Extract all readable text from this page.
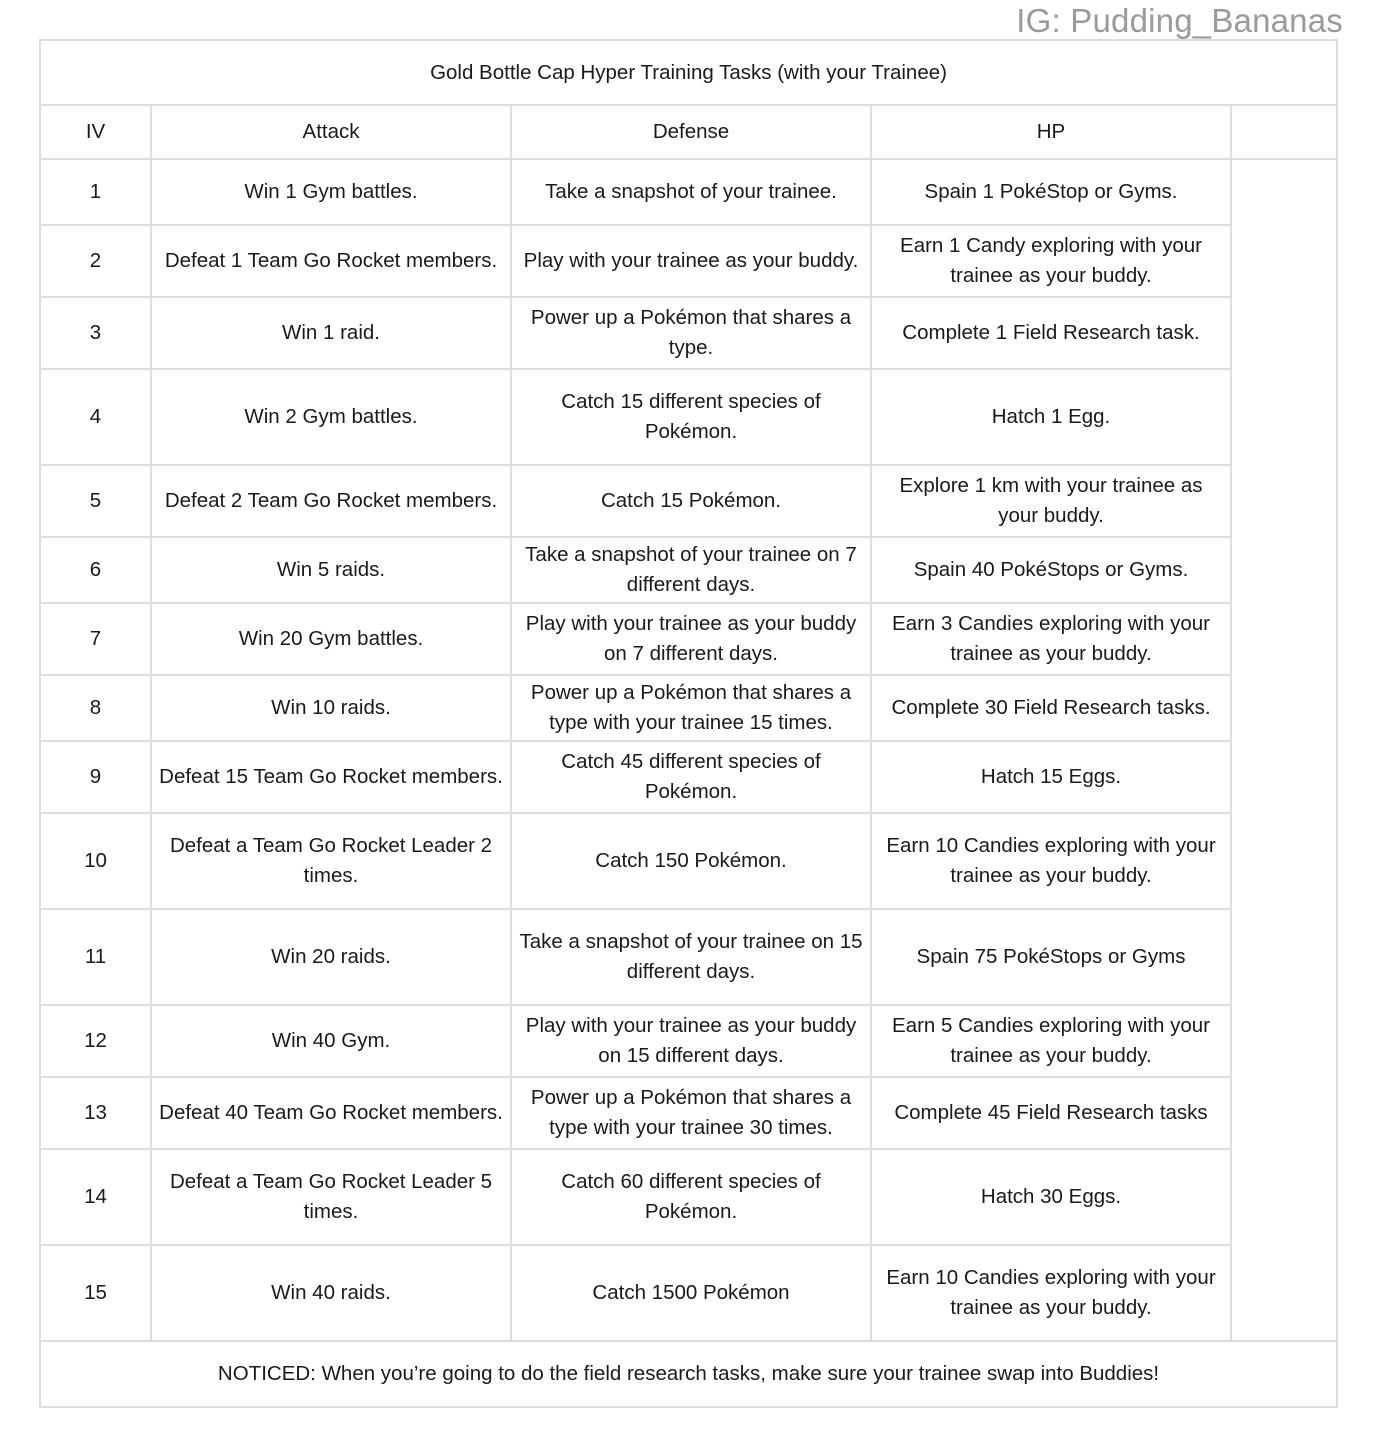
IG: Pudding_Bananas
Gold Bottle Cap Hyper Training Tasks (with your Trainee)				
IV	Attack	Defense	HP	
1	Win 1 Gym battles.	Take a snapshot of your trainee.	Spain 1 PokéStop or Gyms.	
2	Defeat 1 Team Go Rocket members.	Play with your trainee as your buddy.	Earn 1 Candy exploring with your trainee as your buddy.	
3	Win 1 raid.	Power up a Pokémon that shares a type.	Complete 1 Field Research task.	
4	Win 2 Gym battles.	Catch 15 different species of Pokémon.	Hatch 1 Egg.	
5	Defeat 2 Team Go Rocket members.	Catch 15 Pokémon.	Explore 1 km with your trainee as your buddy.	
6	Win 5 raids.	Take a snapshot of your trainee on 7 different days.	Spain 40 PokéStops or Gyms.	
7	Win 20 Gym battles.	Play with your trainee as your buddy on 7 different days.	Earn 3 Candies exploring with your trainee as your buddy.	
8	Win 10 raids.	Power up a Pokémon that shares a type with your trainee 15 times.	Complete 30 Field Research tasks.	
9	Defeat 15 Team Go Rocket members.	Catch 45 different species of Pokémon.	Hatch 15 Eggs.	
10	Defeat a Team Go Rocket Leader 2 times.	Catch 150 Pokémon.	Earn 10 Candies exploring with your trainee as your buddy.	
11	Win 20 raids.	Take a snapshot of your trainee on 15 different days.	Spain 75 PokéStops or Gyms	
12	Win 40 Gym.	Play with your trainee as your buddy on 15 different days.	Earn 5 Candies exploring with your trainee as your buddy.	
13	Defeat 40 Team Go Rocket members.	Power up a Pokémon that shares a type with your trainee 30 times.	Complete 45 Field Research tasks	
14	Defeat a Team Go Rocket Leader 5 times.	Catch 60 different species of Pokémon.	Hatch 30 Eggs.	
15	Win 40 raids.	Catch 1500 Pokémon	Earn 10 Candies exploring with your trainee as your buddy.	
NOTICED: When you’re going to do the field research tasks, make sure your trainee swap into Buddies!				
